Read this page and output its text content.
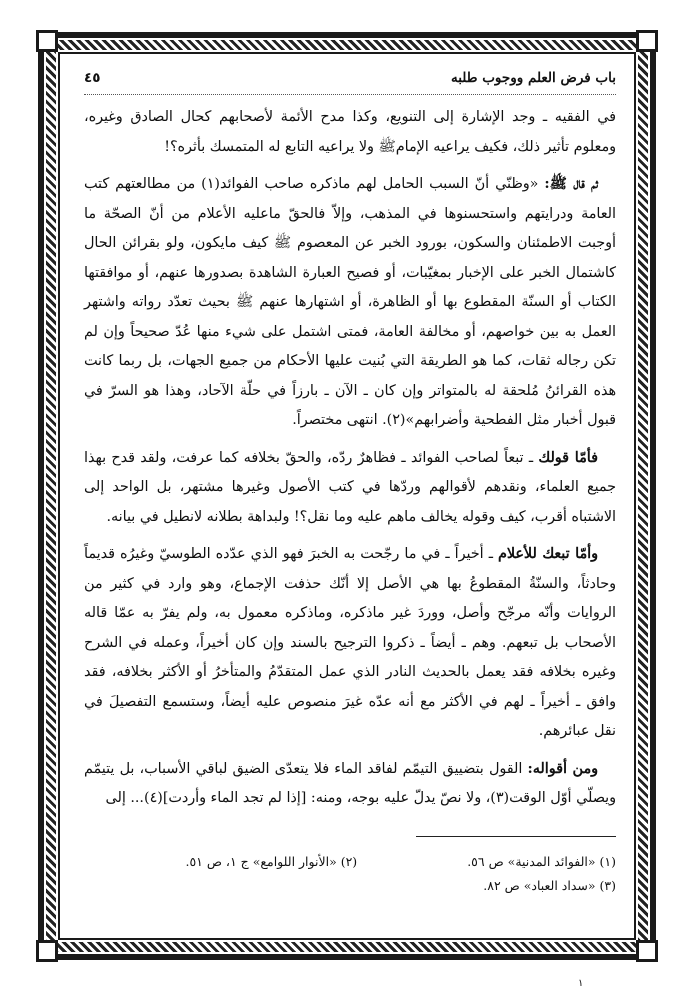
باب فرض العلم ووجوب طلبه
٤٥

في الفقيه ـ وجد الإشارة إلى التنويع، وكذا مدح الأئمة لأصحابهم كحال الصادق وغيره، ومعلوم تأثير ذلك، فكيف يراعيه الإمامﷺ ولا يراعيه التابع له المتمسك بأثره؟!

ثم قال ﷺ: «وظنّي أنّ السبب الحامل لهم ماذكره صاحب الفوائد(١) من مطالعتهم كتب العامة ودرايتهم واستحسنوها في المذهب، وإلاّ فالحقّ ماعليه الأعلام من أنّ الصحّة ما أوجبت الاطمئنان والسكون، بورود الخبر عن المعصوم ﷺ كيف مايكون، ولو بقرائن الحال كاشتمال الخبر على الإخبار بمغيّبات، أو فصيح العبارة الشاهدة بصدورها عنهم، أو موافقتها الكتاب أو السنّة المقطوع بها أو الظاهرة، أو اشتهارها عنهم ﷺ بحيث تعدّد رواته واشتهر العمل به بين خواصهم، أو مخالفة العامة، فمتى اشتمل على شيء منها عُدّ صحيحاً وإن لم تكن رجاله ثقات، كما هو الطريقة التي بُنيت عليها الأحكام من جميع الجهات، بل ربما كانت هذه القرائنُ مُلحقة له بالمتواتر وإن كان ـ الآن ـ بارزاً في حلّة الآحاد، وهذا هو السرّ في قبول أخبار مثل الفطحية وأضرابهم»(٢). انتهى مختصراً.

فأمّا قولك ـ تبعاً لصاحب الفوائد ـ فظاهرٌ ردّه، والحقّ بخلافه كما عرفت، ولقد قدح بهذا جميع العلماء، ونقدهم لأقوالهم وردّها في كتب الأصول وغيرها مشتهر، بل الواحد إلى الاشتباه أقرب، كيف وقوله يخالف ماهم عليه وما نقل؟! ولبداهة بطلانه لانطيل في بيانه.

وأمّا تبعك للأعلام ـ أخيراً ـ في ما رجّحت به الخبرَ فهو الذي عدّده الطوسيّ وغيرُه قديماً وحادثاً، والسنّةُ المقطوعُ بها هي الأصل إلا أنّك حذفت الإجماع، وهو وارد في كثير من الروايات وأنّه مرجّح وأصل، ووردَ غير ماذكره، وماذكره معمول به، ولم يفرّ به عمّا قاله الأصحاب بل تبعهم. وهم ـ أيضاً ـ ذكروا الترجيح بالسند وإن كان أخيراً، وعمله في الشرح وغيره بخلافه فقد يعمل بالحديث النادر الذي عمل المتقدّمُ والمتأخرُ أو الأكثر بخلافه، فقد وافق ـ أخيراً ـ لهم في الأكثر مع أنه عدّه غيرَ منصوص عليه أيضاً، وستسمع التفصيلَ في نقل عبائرهم.

ومن أقواله: القول بتضييق التيمّم لفاقد الماء فلا يتعدّى الضيق لباقي الأسباب، بل يتيمّم ويصلّي أوّل الوقت(٣)، ولا نصّ يدلّ عليه بوجه، ومنه: [إذا لم تجد الماء وأردت](٤)... إلى

(١) «الفوائد المدنية» ص ٥٦.
(٢) «الأنوار اللوامع» ج ١، ص ٥١.
(٣) «سداد العباد» ص ٨٢.
١
